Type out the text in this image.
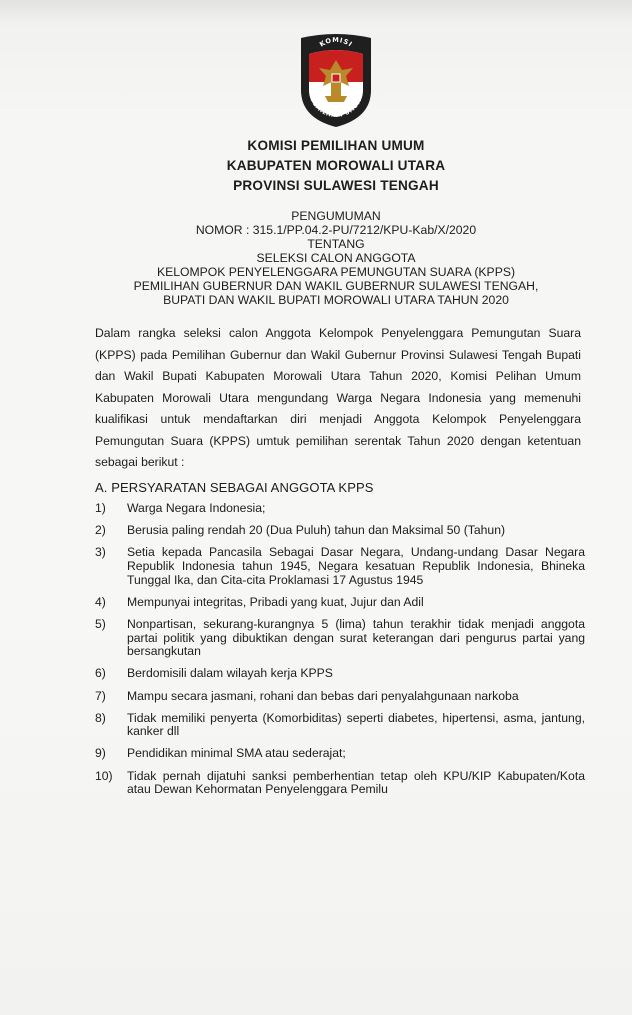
KOMISI
PEMILIHAN UMUM
KOMISI PEMILIHAN UMUM
KABUPATEN MOROWALI UTARA
PROVINSI SULAWESI TENGAH
PENGUMUMAN
NOMOR : 315.1/PP.04.2-PU/7212/KPU-Kab/X/2020
TENTANG
SELEKSI CALON ANGGOTA
KELOMPOK PENYELENGGARA PEMUNGUTAN SUARA (KPPS)
PEMILIHAN GUBERNUR DAN WAKIL GUBERNUR SULAWESI TENGAH,
BUPATI DAN WAKIL BUPATI MOROWALI UTARA TAHUN 2020
Dalam rangka seleksi calon Anggota Kelompok Penyelenggara Pemungutan Suara (KPPS) pada Pemilihan Gubernur dan Wakil Gubernur Provinsi Sulawesi Tengah Bupati dan Wakil Bupati Kabupaten Morowali Utara Tahun 2020, Komisi Pelihan Umum Kabupaten Morowali Utara mengundang Warga Negara Indonesia yang memenuhi kualifikasi untuk mendaftarkan diri menjadi Anggota Kelompok Penyelenggara Pemungutan Suara (KPPS) umtuk pemilihan serentak Tahun 2020 dengan ketentuan sebagai berikut :
A. PERSYARATAN SEBAGAI ANGGOTA KPPS
1)	Warga Negara Indonesia;
2)	Berusia paling rendah 20 (Dua Puluh) tahun dan Maksimal 50 (Tahun)
3)	Setia kepada Pancasila Sebagai Dasar Negara, Undang-undang Dasar Negara Republik Indonesia tahun 1945, Negara kesatuan Republik Indonesia, Bhineka Tunggal Ika, dan Cita-cita Proklamasi 17 Agustus 1945
4)	Mempunyai integritas, Pribadi yang kuat, Jujur dan Adil
5)	Nonpartisan, sekurang-kurangnya 5 (lima) tahun terakhir tidak menjadi anggota partai politik yang dibuktikan dengan surat keterangan dari pengurus partai yang bersangkutan
6)	Berdomisili dalam wilayah kerja KPPS
7)	Mampu secara jasmani, rohani dan bebas dari penyalahgunaan narkoba
8)	Tidak memiliki penyerta (Komorbiditas) seperti diabetes, hipertensi, asma, jantung, kanker dll
9)	Pendidikan minimal SMA atau sederajat;
10)	Tidak pernah dijatuhi sanksi pemberhentian tetap oleh KPU/KIP Kabupaten/Kota atau Dewan Kehormatan Penyelenggara Pemilu
